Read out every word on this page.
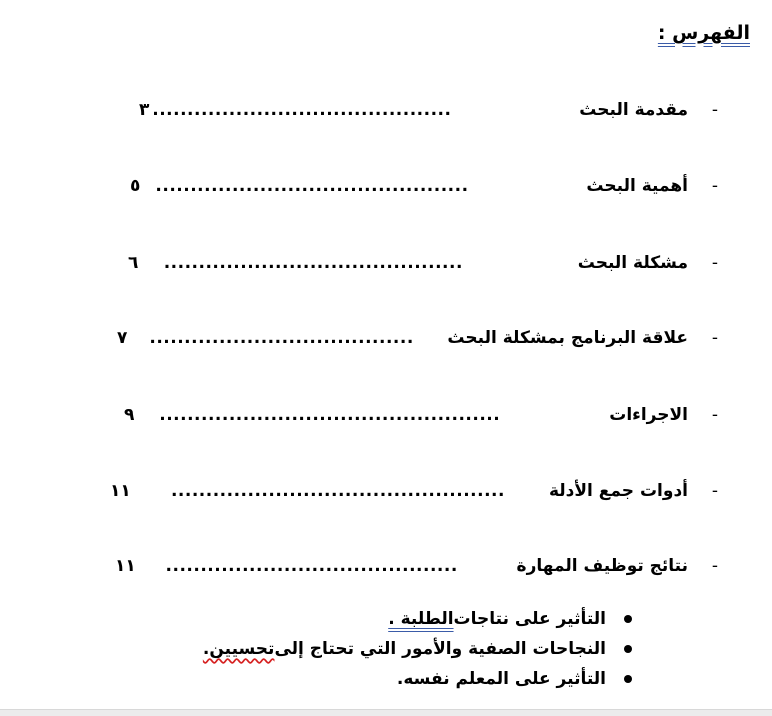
الفهرس :
-
مقدمة البحث
...........................................
٣
-
أهمية البحث
.............................................
٥
-
مشكلة البحث
...........................................
٦
-
علاقة البرنامج بمشكلة البحث
......................................
٧
-
الاجراءات
.................................................
٩
-
أدوات جمع الأدلة
................................................
١١
-
نتائج توظيف المهارة
..........................................
١١
التأثير على نتاجات
الطلبة .
النجاحات الصفية والأمور التي تحتاج إلى
تحسيين.
التأثير على المعلم نفسه.
